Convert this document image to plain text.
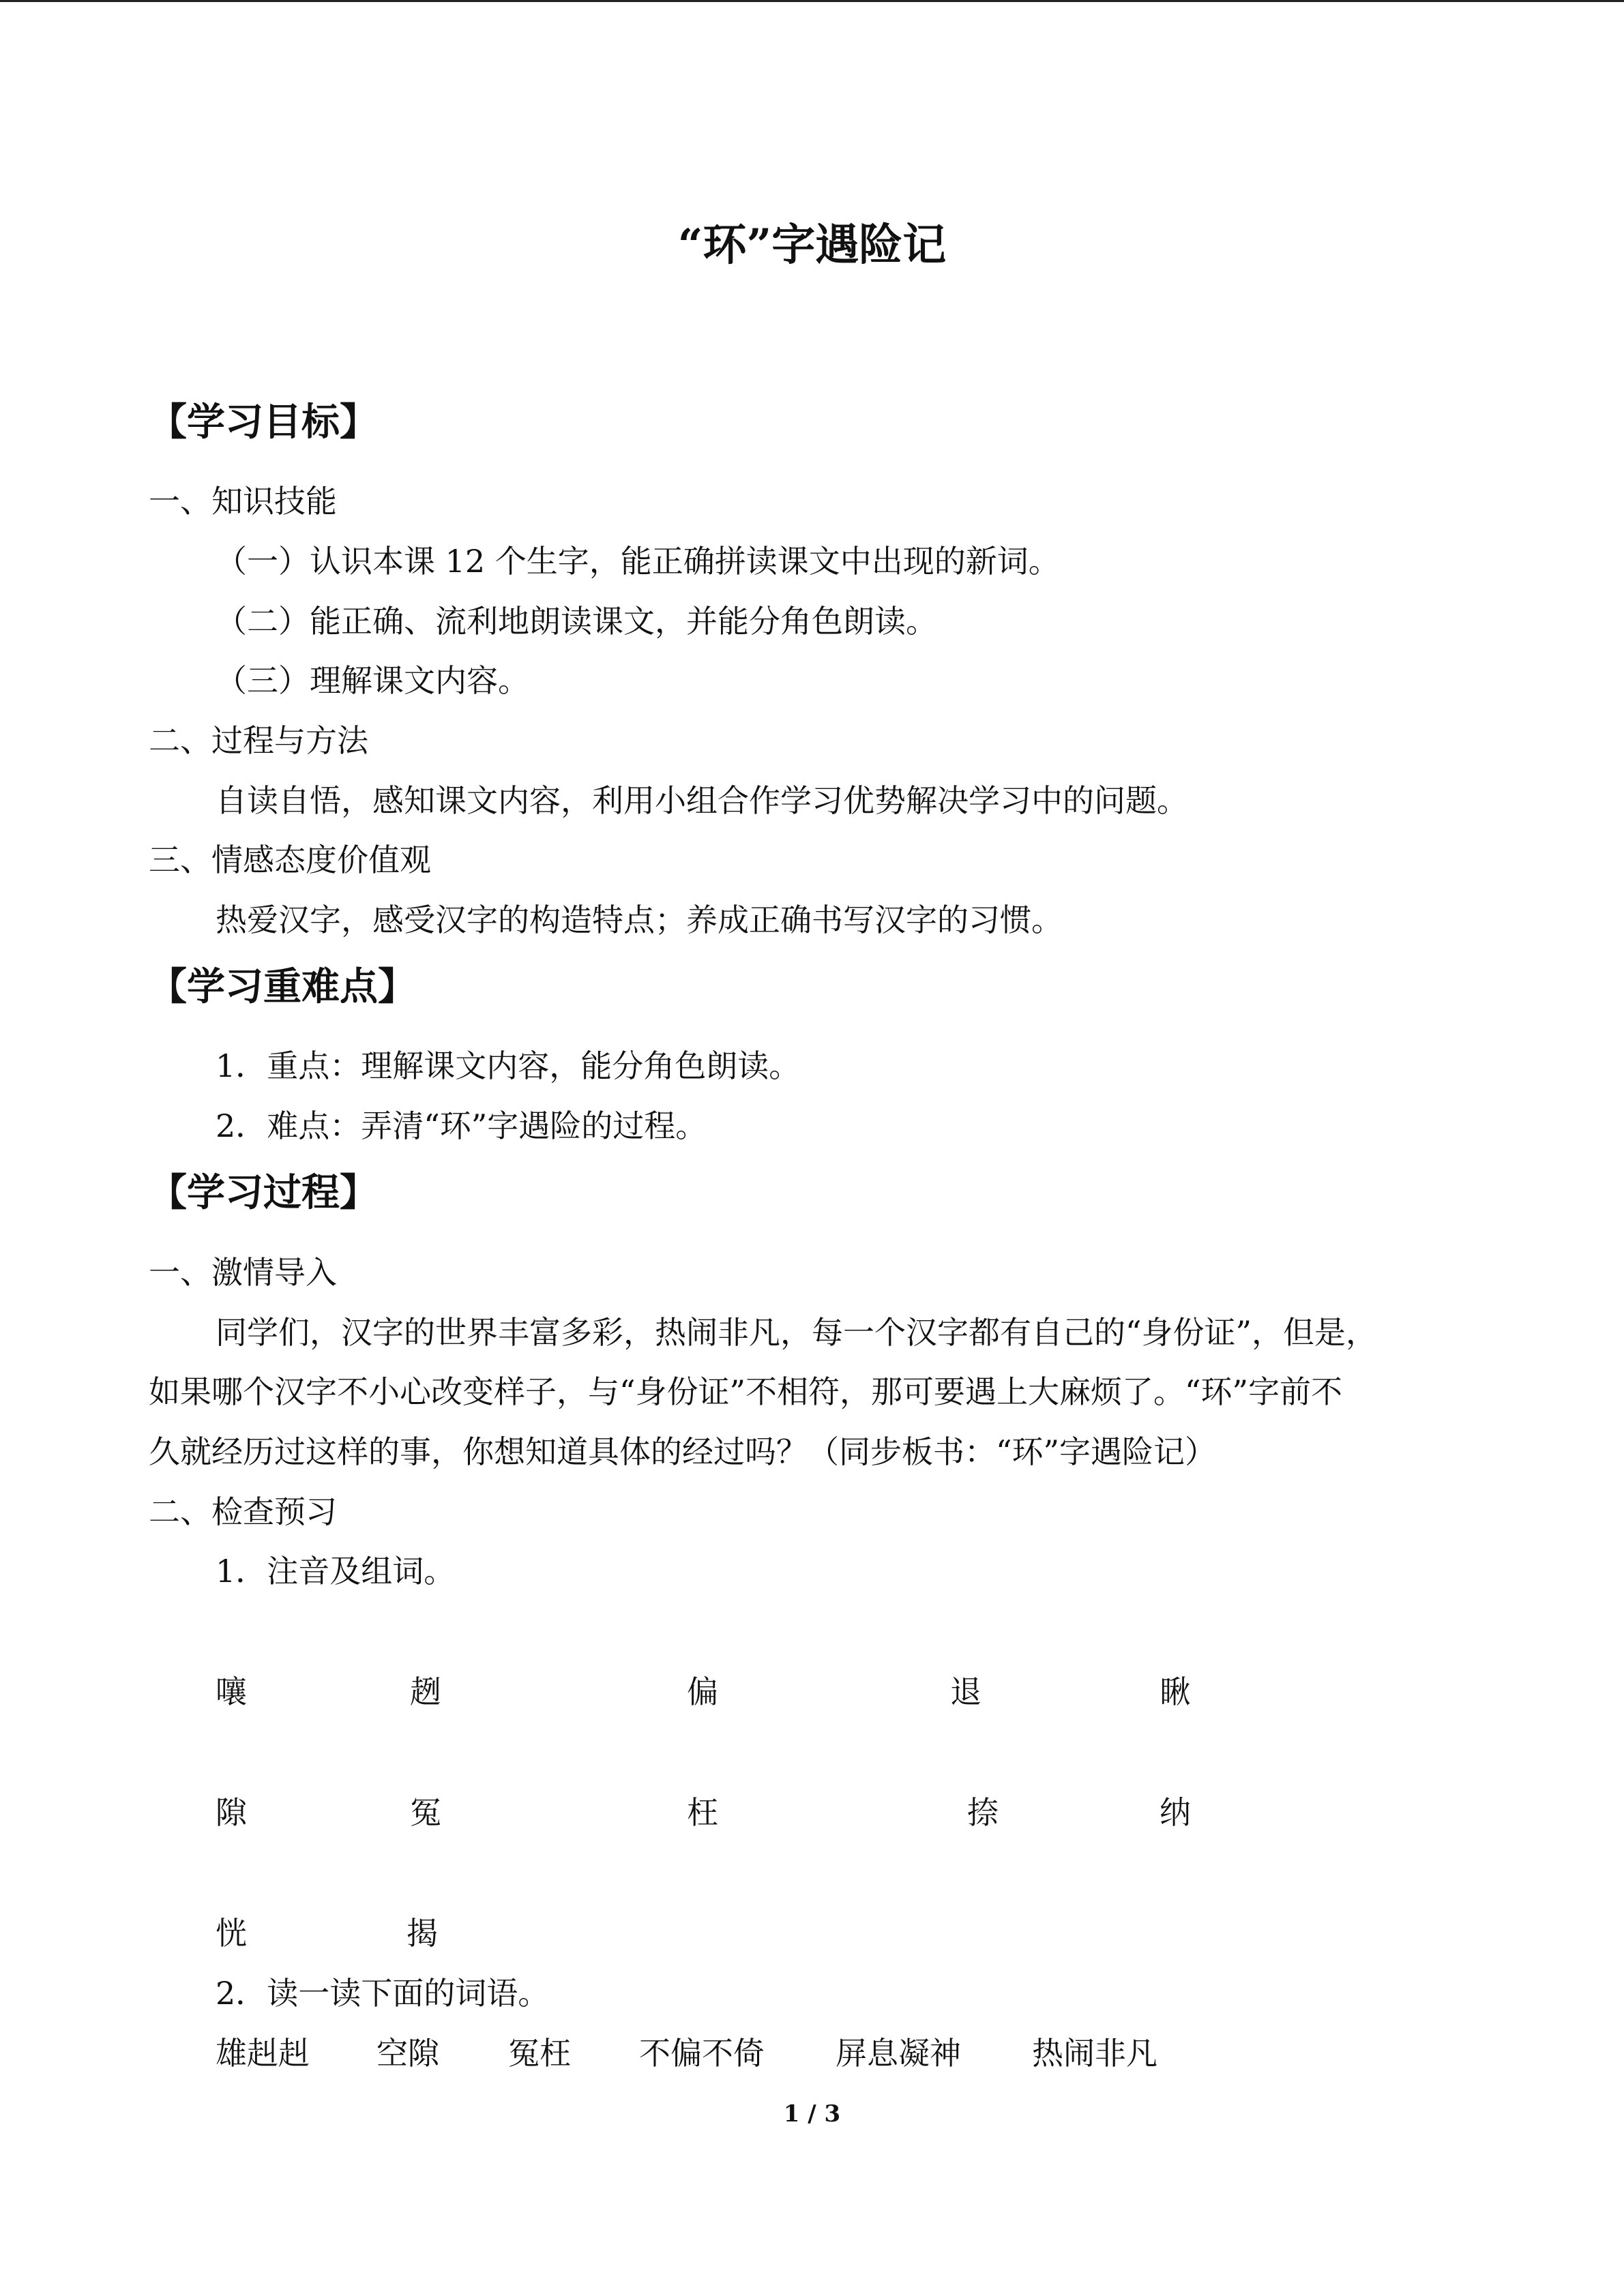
“环”字遇险记
【学习目标】
一、知识技能
（一）认识本课 12 个生字，能正确拼读课文中出现的新词。
（二）能正确、流利地朗读课文，并能分角色朗读。
（三）理解课文内容。
二、过程与方法
自读自悟，感知课文内容，利用小组合作学习优势解决学习中的问题。
三、情感态度价值观
热爱汉字，感受汉字的构造特点；养成正确书写汉字的习惯。
【学习重难点】
1．重点：理解课文内容，能分角色朗读。
2．难点：弄清“环”字遇险的过程。
【学习过程】
一、激情导入
同学们，汉字的世界丰富多彩，热闹非凡，每一个汉字都有自己的“身份证”，但是，
如果哪个汉字不小心改变样子，与“身份证”不相符，那可要遇上大麻烦了。“环”字前不
久就经历过这样的事，你想知道具体的经过吗？（同步板书：“环”字遇险记）
二、检查预习
1．注音及组词。
嚷	趔	偏	退	瞅
隙	冤	枉	捺	纳
恍	揭
2．读一读下面的词语。
雄赳赳 空隙 冤枉 不偏不倚 屏息凝神 热闹非凡
1 / 3
